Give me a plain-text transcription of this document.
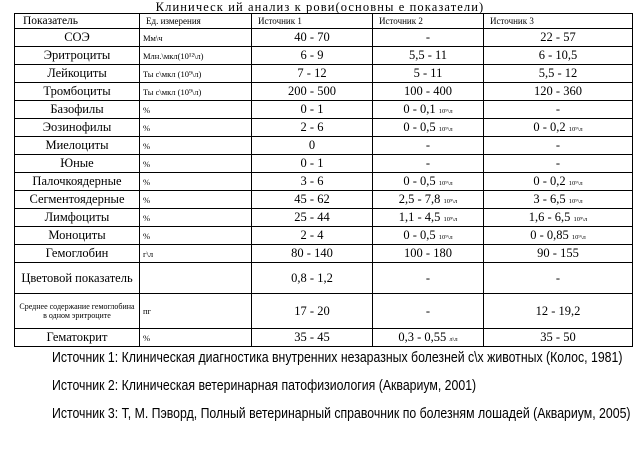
Клиническ ий анализ к рови(основны е показатели)
Показатель	Ед. измерения	Источник 1	Источник 2	Источник 3
СОЭ	Мм\ч	40 - 70	-	22 - 57
Эритроциты	Млн.\мкл(10¹²\л)	6 - 9	5,5 - 11	6 - 10,5
Лейкоциты	Ты с\мкл (10⁹\л)	7 - 12	5 - 11	5,5 - 12
Тромбоциты	Ты с\мкл (10⁹\л)	200 - 500	100 - 400	120 - 360
Базофилы	%	0 - 1	0 - 0,1 10⁹\л	-
Эозинофилы	%	2 - 6	0 - 0,5 10⁹\л	0 - 0,2 10⁹\л
Миелоциты	%	0	-	-
Юные	%	0 - 1	-	-
Палочкоядерные	%	3 - 6	0 - 0,5 10⁹\л	0 - 0,2 10⁹\л
Сегментоядерные	%	45 - 62	2,5 - 7,8 10⁹\л	3 - 6,5 10⁹\л
Лимфоциты	%	25 - 44	1,1 - 4,5 10⁹\л	1,6 - 6,5 10⁹\л
Моноциты	%	2 - 4	0 - 0,5 10⁹\л	0 - 0,85 10⁹\л
Гемоглобин	г\л	80 - 140	100 - 180	90 - 155
Цветовой показатель		0,8 - 1,2	-	-
Среднее содержание гемоглобина в одном эритроците	пг	17 - 20	-	12 - 19,2
Гематокрит	%	35 - 45	0,3 - 0,55 л\л	35 - 50
Источник 1: Клиническая диагностика внутренних незаразных болезней с\х животных (Колос, 1981)
Источник 2: Клиническая ветеринарная патофизиология (Аквариум, 2001)
Источник 3: Т, М. Пэворд, Полный ветеринарный справочник по болезням лошадей (Аквариум, 2005)
